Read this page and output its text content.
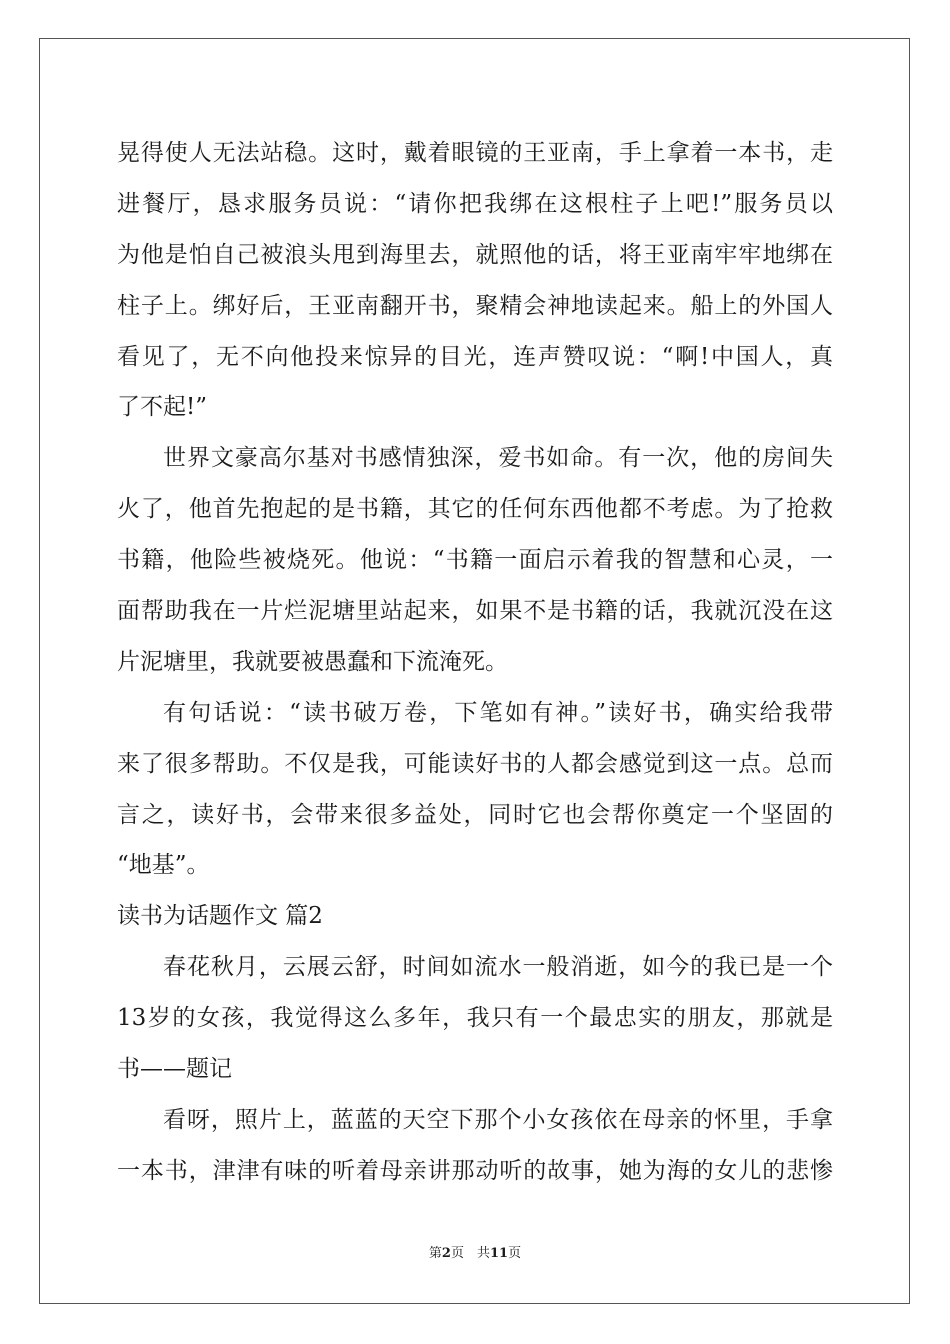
晃得使人无法站稳。这时，戴着眼镜的王亚南，手上拿着一本书，走
进餐厅，恳求服务员说：“请你把我绑在这根柱子上吧!”服务员以
为他是怕自己被浪头甩到海里去，就照他的话，将王亚南牢牢地绑在
柱子上。绑好后，王亚南翻开书，聚精会神地读起来。船上的外国人
看见了，无不向他投来惊异的目光，连声赞叹说：“啊!中国人，真
了不起!”
世界文豪高尔基对书感情独深，爱书如命。有一次，他的房间失
火了，他首先抱起的是书籍，其它的任何东西他都不考虑。为了抢救
书籍，他险些被烧死。他说：“书籍一面启示着我的智慧和心灵，一
面帮助我在一片烂泥塘里站起来，如果不是书籍的话，我就沉没在这
片泥塘里，我就要被愚蠢和下流淹死。
有句话说：“读书破万卷，下笔如有神。”读好书，确实给我带
来了很多帮助。不仅是我，可能读好书的人都会感觉到这一点。总而
言之，读好书，会带来很多益处，同时它也会帮你奠定一个坚固的
“地基”。
读书为话题作文 篇2
春花秋月，云展云舒，时间如流水一般消逝，如今的我已是一个
13岁的女孩，我觉得这么多年，我只有一个最忠实的朋友，那就是
书——题记
看呀，照片上，蓝蓝的天空下那个小女孩依在母亲的怀里，手拿
一本书，津津有味的听着母亲讲那动听的故事，她为海的女儿的悲惨
第2页　共11页
